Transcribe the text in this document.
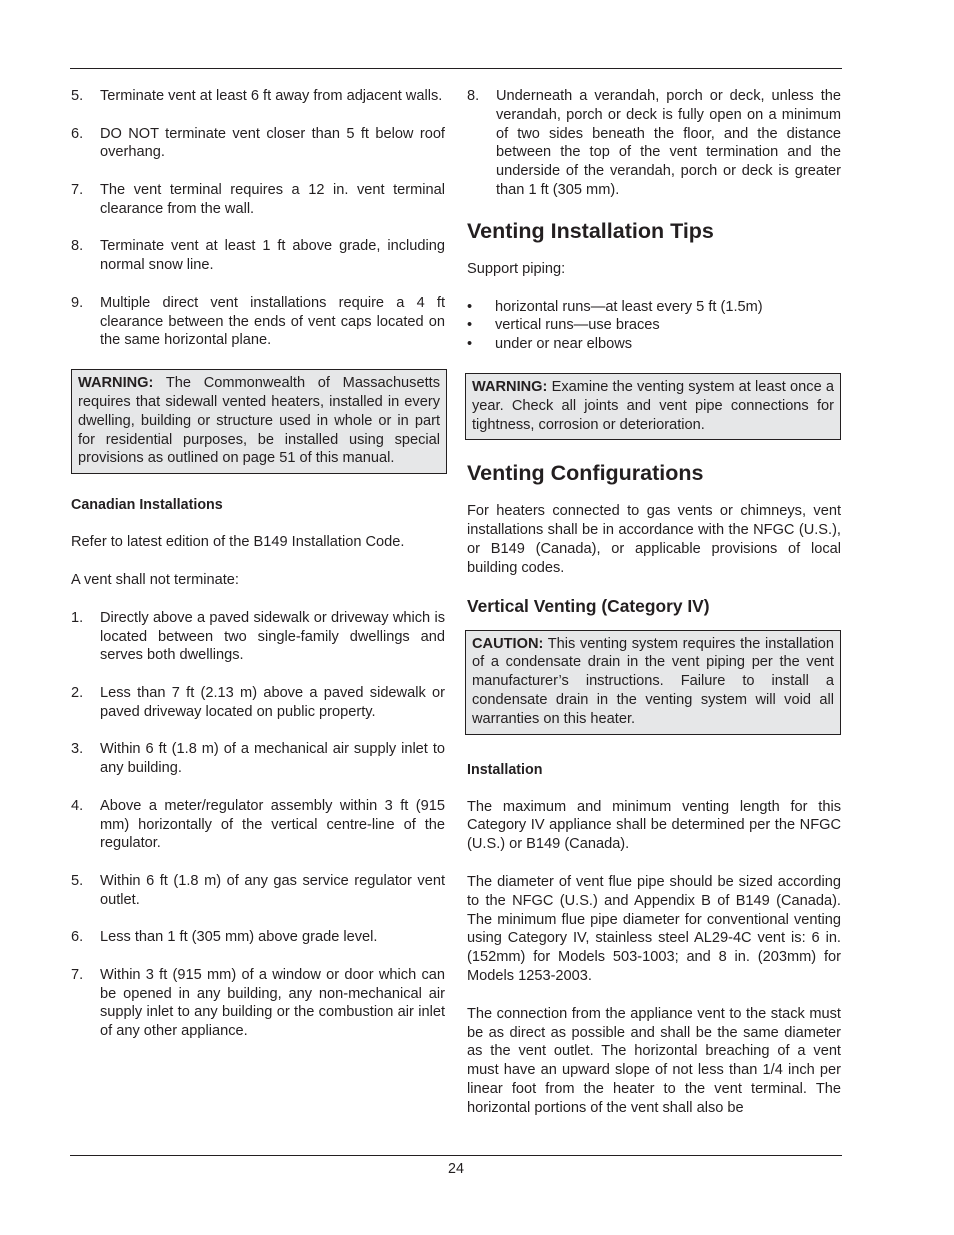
5.	Terminate vent at least 6 ft away from adjacent walls.
6.	DO NOT terminate vent closer than 5 ft below roof overhang.
7.	The vent terminal requires a 12 in. vent terminal clearance from the wall.
8.	Terminate vent at least 1 ft above grade, including normal snow line.
9.	Multiple direct vent installations require a 4 ft clearance between the ends of vent caps located on the same horizontal plane.
WARNING: The Commonwealth of Massachusetts requires that sidewall vented heaters, installed in every dwelling, building or structure used in whole or in part for residential purposes, be installed using special provisions as outlined on page 51 of this manual.
Canadian Installations

Refer to latest edition of the B149 Installation Code.

A vent shall not terminate:

1.	Directly above a paved sidewalk or driveway which is located between two single-family dwellings and serves both dwellings.
2.	Less than 7 ft (2.13 m) above a paved sidewalk or paved driveway located on public property.
3.	Within 6 ft (1.8 m) of a mechanical air supply inlet to any building.
4.	Above a meter/regulator assembly within 3 ft (915 mm) horizontally of the vertical centre-line of the regulator.
5.	Within 6 ft (1.8 m) of any gas service regulator vent outlet.
6.	Less than 1 ft (305 mm) above grade level.
7.	Within 3 ft (915 mm) of a window or door which can be opened in any building, any non-mechanical air supply inlet to any building or the combustion air inlet of any other appliance.
8.	Underneath a verandah, porch or deck, unless the verandah, porch or deck is fully open on a minimum of two sides beneath the floor, and the distance between the top of the vent termination and the underside of the verandah, porch or deck is greater than 1 ft (305 mm).
Venting Installation Tips

Support piping:

•	horizontal runs—at least every 5 ft (1.5m)
•	vertical runs—use braces
•	under or near elbows
WARNING: Examine the venting system at least once a year. Check all joints and vent pipe connections for tightness, corrosion or deterioration.
Venting Configurations

For heaters connected to gas vents or chimneys, vent installations shall be in accordance with the NFGC (U.S.), or B149 (Canada), or applicable provisions of local building codes.

Vertical Venting (Category IV)
CAUTION: This venting system requires the installation of a condensate drain in the vent piping per the vent manufacturer’s instructions. Failure to install a condensate drain in the venting system will void all warranties on this heater.
Installation

The maximum and minimum venting length for this Category IV appliance shall be determined per the NFGC (U.S.) or B149 (Canada).

The diameter of vent flue pipe should be sized according to the NFGC (U.S.) and Appendix B of B149 (Canada). The minimum flue pipe diameter for conventional venting using Category IV, stainless steel AL29-4C vent is: 6 in. (152mm) for Models 503-1003; and 8 in. (203mm) for Models 1253-2003.

The connection from the appliance vent to the stack must be as direct as possible and shall be the same diameter as the vent outlet. The horizontal breaching of a vent must have an upward slope of not less than 1/4 inch per linear foot from the heater to the vent terminal. The horizontal portions of the vent shall also be

24
